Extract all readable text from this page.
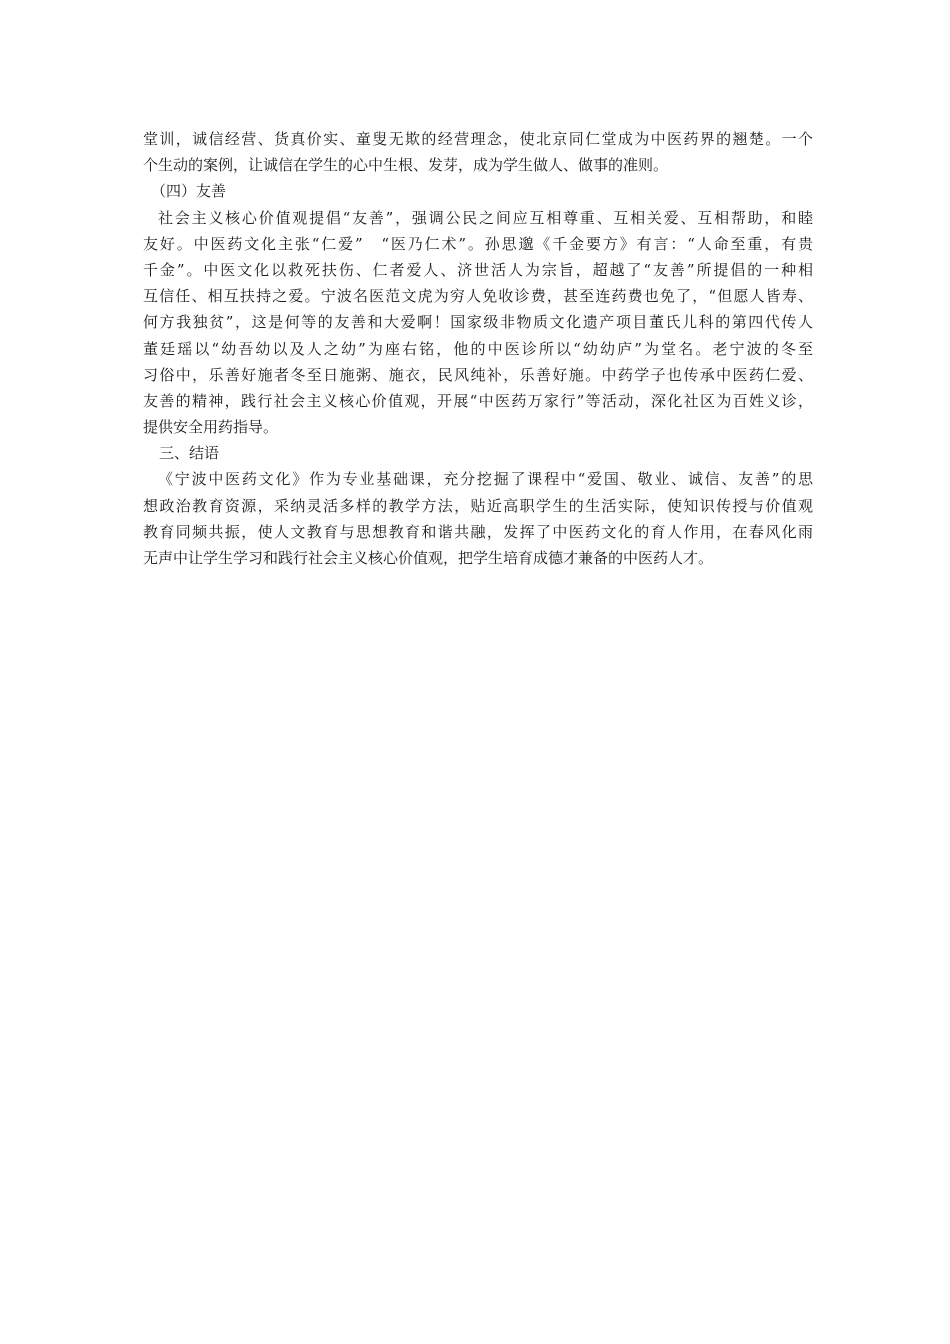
堂训，诚信经营、货真价实、童叟无欺的经营理念，使北京同仁堂成为中医药界的翘楚。一个
个生动的案例，让诚信在学生的心中生根、发芽，成为学生做人、做事的准则。
（四）友善
社会主义核心价值观提倡“友善”，强调公民之间应互相尊重、互相关爱、互相帮助，和睦
友好。中医药文化主张“仁爱”　“医乃仁术”。孙思邈《千金要方》有言：“人命至重，有贵
千金”。中医文化以救死扶伤、仁者爱人、济世活人为宗旨，超越了“友善”所提倡的一种相
互信任、相互扶持之爱。宁波名医范文虎为穷人免收诊费，甚至连药费也免了，“但愿人皆寿、
何方我独贫”，这是何等的友善和大爱啊！国家级非物质文化遗产项目董氏儿科的第四代传人
董廷瑶以“幼吾幼以及人之幼”为座右铭，他的中医诊所以“幼幼庐”为堂名。老宁波的冬至
习俗中，乐善好施者冬至日施粥、施衣，民风纯补，乐善好施。中药学子也传承中医药仁爱、
友善的精神，践行社会主义核心价值观，开展“中医药万家行”等活动，深化社区为百姓义诊，
提供安全用药指导。
三、结语
《宁波中医药文化》作为专业基础课，充分挖掘了课程中“爱国、敬业、诚信、友善”的思
想政治教育资源，采纳灵活多样的教学方法，贴近高职学生的生活实际，使知识传授与价值观
教育同频共振，使人文教育与思想教育和谐共融，发挥了中医药文化的育人作用，在春风化雨
无声中让学生学习和践行社会主义核心价值观，把学生培育成德才兼备的中医药人才。
